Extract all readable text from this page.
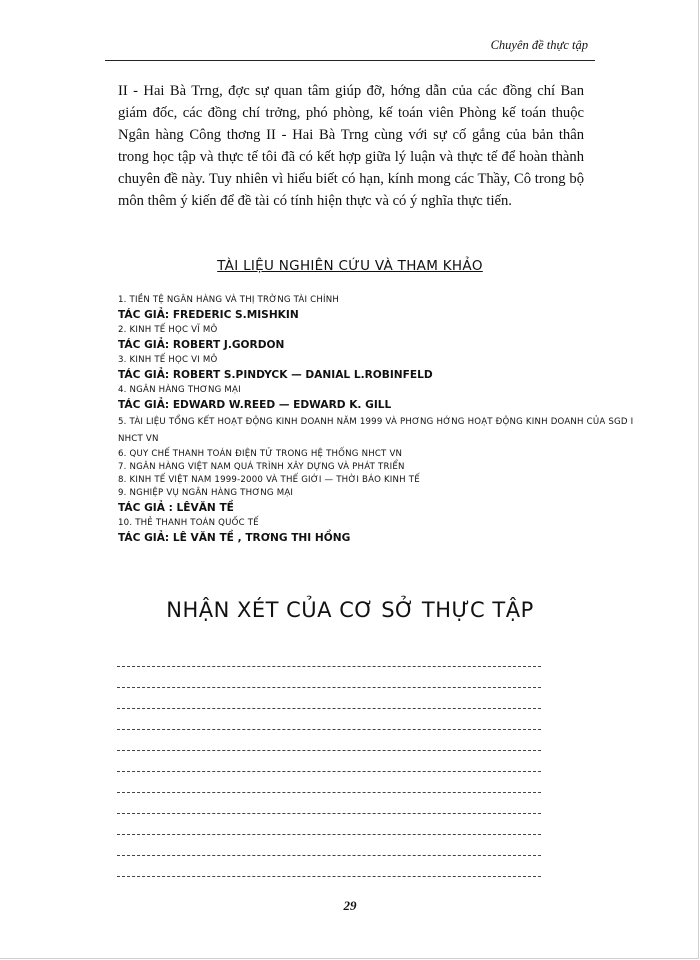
Chuyên đề thực tập

II - Hai Bà Trng, đợc sự quan tâm giúp đỡ, hớng dẫn của các đồng chí Ban giám đốc, các đồng chí trởng, phó phòng, kế toán viên Phòng kế toán thuộc Ngân hàng Công thơng II - Hai Bà Trng cùng với sự cố gắng của bản thân trong học tập và thực tế tôi đã có kết hợp giữa lý luận và thực tế để hoàn thành chuyên đề này. Tuy nhiên vì hiểu biết có hạn, kính mong các Thầy, Cô trong bộ môn thêm ý kiến để đề tài có tính hiện thực và có ý nghĩa thực tiến.

TÀI LIỆU NGHIÊN CỨU VÀ THAM KHẢO
1. TIỀN TỆ NGÂN HÀNG VÀ THỊ TRỜNG TÀI CHÍNH
TÁC GIẢ: FREDERIC S.MISHKIN
2. KINH TẾ HỌC VĨ MÔ
TÁC GIẢ: ROBERT J.GORDON
3. KINH TẾ HỌC VI MÔ
TÁC GIẢ: ROBERT S.PINDYCK — DANIAL L.ROBINFELD
4. NGÂN HÀNG THƠNG MẠI
TÁC GIẢ: EDWARD W.REED — EDWARD K. GILL
5. TÀI LIỆU TỔNG KẾT HOẠT ĐỘNG KINH DOANH NĂM 1999 VÀ PHƠNG HỚNG HOẠT ĐỘNG KINH DOANH CỦA SGD I NHCT VN
6. QUY CHẾ THANH TOÁN ĐIỆN TỬ TRONG HỆ THỐNG NHCT VN
7. NGÂN HÀNG VIỆT NAM QUÁ TRÌNH XÂY DỰNG VÀ PHÁT TRIỂN
8. KINH TẾ VIỆT NAM 1999-2000 VÀ THẾ GIỚI — THỜI BÁO KINH TẾ
9. NGHIỆP VỤ NGÂN HÀNG THƠNG MẠI
TÁC GIẢ : LÊVĂN TỀ
10. THẺ THANH TOÁN QUỐC TẾ
TÁC GIẢ: LÊ VĂN TỀ , TRƠNG THI HỒNG
NHẬN XÉT CỦA CƠ SỞ THỰC TẬP
29
